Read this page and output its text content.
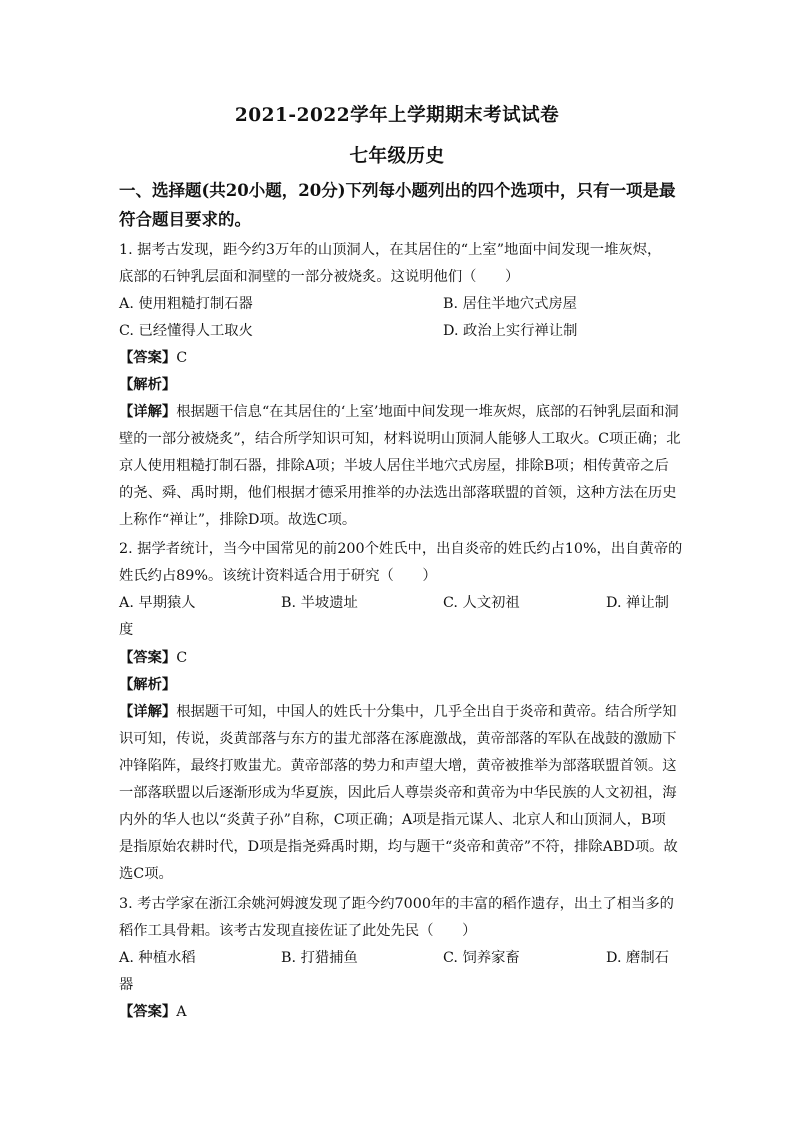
2021-2022学年上学期期末考试试卷
七年级历史
一、选择题(共20小题，20分)下列每小题列出的四个选项中，只有一项是最
符合题目要求的。
1. 据考古发现，距今约3万年的山顶洞人，在其居住的“上室”地面中间发现一堆灰烬，
底部的石钟乳层面和洞壁的一部分被烧炙。这说明他们（　　）
A. 使用粗糙打制石器	B. 居住半地穴式房屋
C. 已经懂得人工取火	D. 政治上实行禅让制
【答案】C
【解析】
【详解】根据题干信息“在其居住的‘上室’地面中间发现一堆灰烬，底部的石钟乳层面和洞
壁的一部分被烧炙”，结合所学知识可知，材料说明山顶洞人能够人工取火。C项正确；北
京人使用粗糙打制石器，排除A项；半坡人居住半地穴式房屋，排除B项；相传黄帝之后
的尧、舜、禹时期，他们根据才德采用推举的办法选出部落联盟的首领，这种方法在历史
上称作“禅让”，排除D项。故选C项。
2. 据学者统计，当今中国常见的前200个姓氏中，出自炎帝的姓氏约占10%，出自黄帝的
姓氏约占89%。该统计资料适合用于研究（　　）
A. 早期猿人	B. 半坡遗址	C. 人文初祖	D. 禅让制
度
【答案】C
【解析】
【详解】根据题干可知，中国人的姓氏十分集中，几乎全出自于炎帝和黄帝。结合所学知
识可知，传说，炎黄部落与东方的蚩尤部落在涿鹿激战，黄帝部落的军队在战鼓的激励下
冲锋陷阵，最终打败蚩尤。黄帝部落的势力和声望大增，黄帝被推举为部落联盟首领。这
一部落联盟以后逐渐形成为华夏族，因此后人尊崇炎帝和黄帝为中华民族的人文初祖，海
内外的华人也以“炎黄子孙”自称，C项正确；A项是指元谋人、北京人和山顶洞人，B项
是指原始农耕时代，D项是指尧舜禹时期，均与题干“炎帝和黄帝”不符，排除ABD项。故
选C项。
3. 考古学家在浙江余姚河姆渡发现了距今约7000年的丰富的稻作遗存，出土了相当多的
稻作工具骨耜。该考古发现直接佐证了此处先民（　　）
A. 种植水稻	B. 打猎捕鱼	C. 饲养家畜	D. 磨制石
器
【答案】A
